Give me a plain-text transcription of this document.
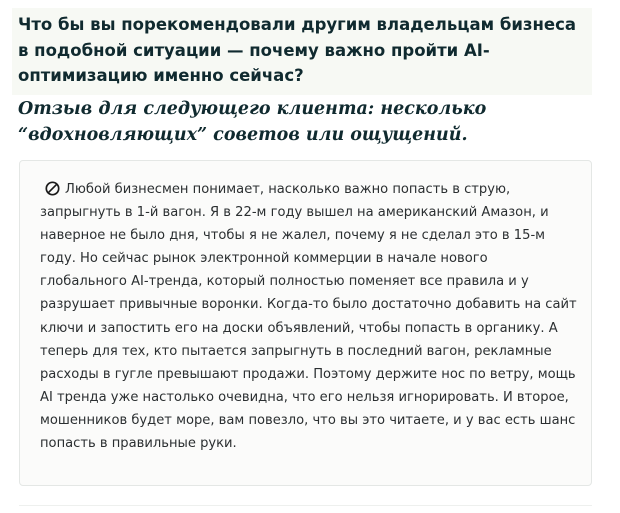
Что бы вы порекомендовали другим владельцам бизнеса в подобной ситуации — почему важно пройти AI-оптимизацию именно сейчас?

Отзыв для следующего клиента: несколько “вдохновляющих” советов или ощущений.

Любой бизнесмен понимает, насколько важно попасть в струю, запрыгнуть в 1-й вагон. Я в 22-м году вышел на американский Амазон, и наверное не было дня, чтобы я не жалел, почему я не сделал это в 15-м году. Но сейчас рынок электронной коммерции в начале нового глобального AI-тренда, который полностью поменяет все правила и у разрушает привычные воронки. Когда-то было достаточно добавить на сайт ключи и запостить его на доски объявлений, чтобы попасть в органику. А теперь для тех, кто пытается запрыгнуть в последний вагон, рекламные расходы в гугле превышают продажи. Поэтому держите нос по ветру, мощь AI тренда уже настолько очевидна, что его нельзя игнорировать. И второе, мошенников будет море, вам повезло, что вы это читаете, и у вас есть шанс попасть в правильные руки.
